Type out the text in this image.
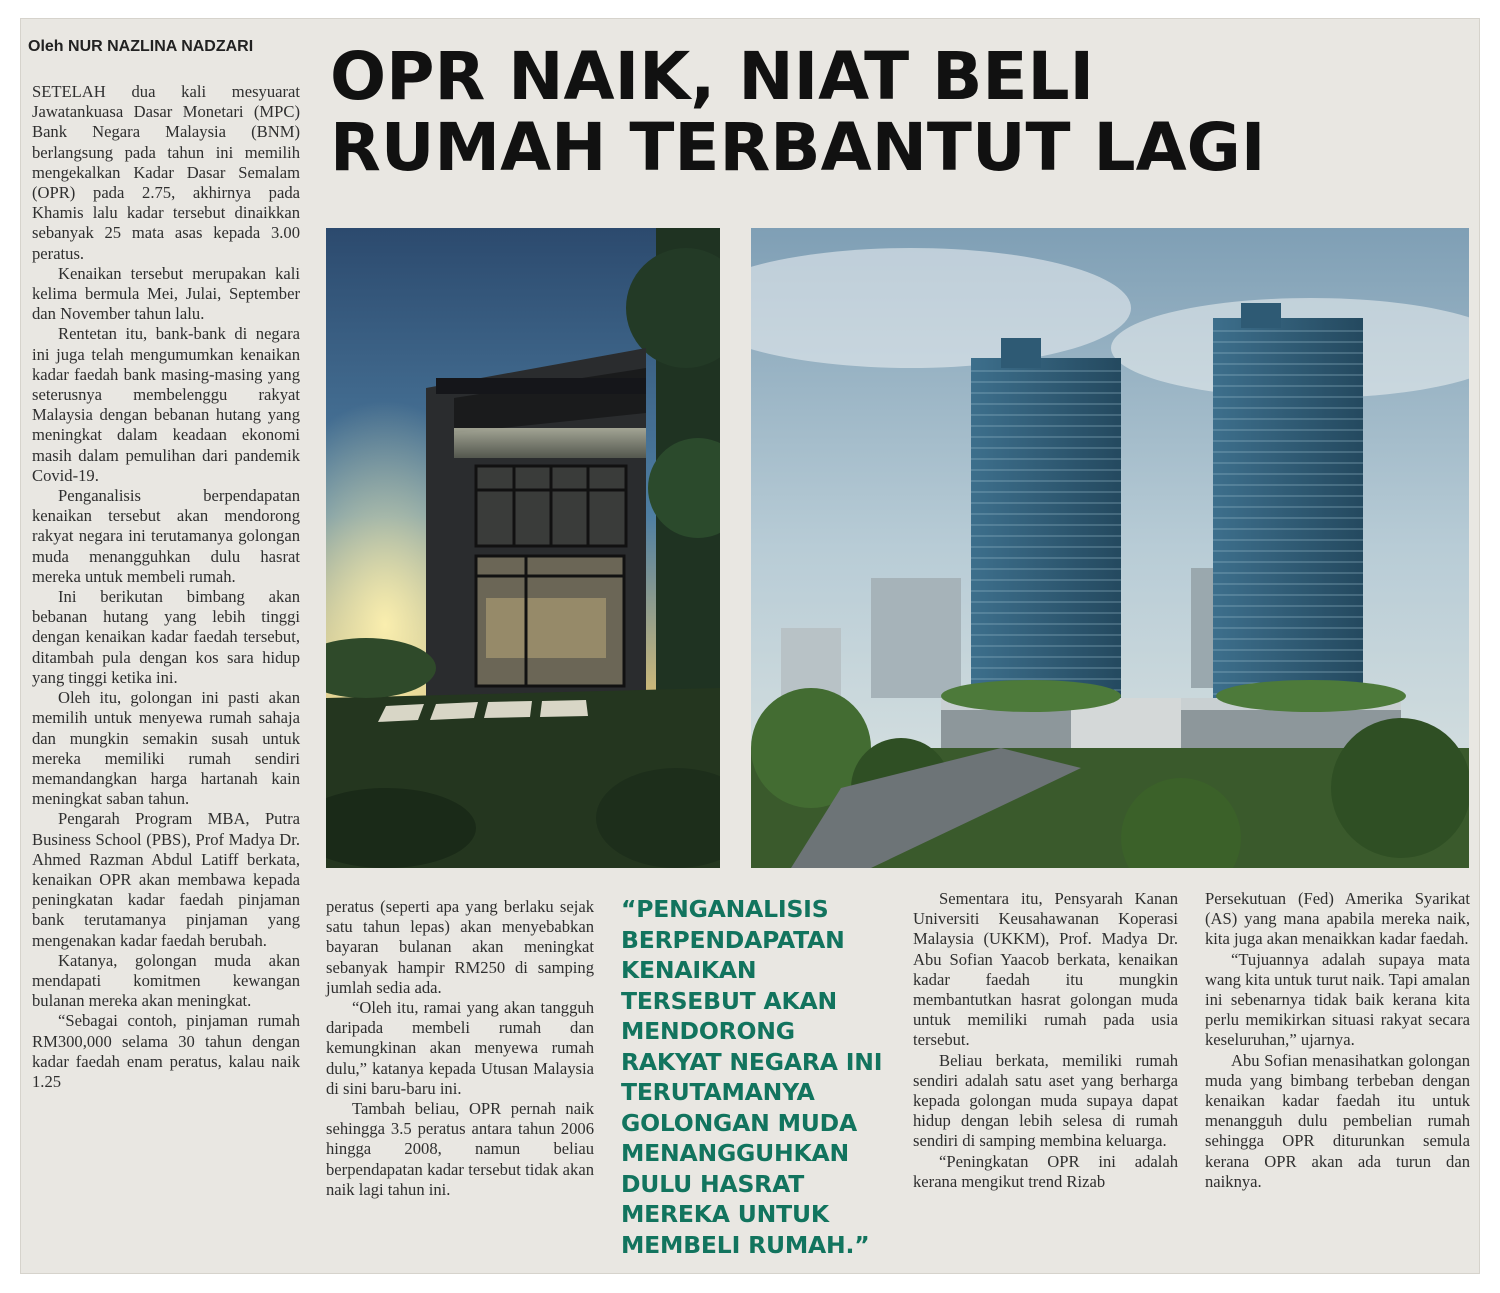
Oleh NUR NAZLINA NADZARI OPR NAIK, NIAT BELI
RUMAH TERBANTUT LAGI

SETELAH dua kali mesyuarat Jawatankuasa Dasar Monetari (MPC) Bank Negara Malaysia (BNM) berlangsung pada tahun ini memilih mengekalkan Kadar Dasar Semalam (OPR) pada 2.75, akhirnya pada Khamis lalu kadar tersebut dinaikkan sebanyak 25 mata asas kepada 3.00 peratus.

Kenaikan tersebut merupakan kali kelima bermula Mei, Julai, September dan November tahun lalu.

Rentetan itu, bank-bank di negara ini juga telah mengumumkan kenaikan kadar faedah bank masing-masing yang seterusnya membelenggu rakyat Malaysia dengan bebanan hutang yang meningkat dalam keadaan ekonomi masih dalam pemulihan dari pandemik Covid-19.

Penganalisis berpendapatan kenaikan tersebut akan mendorong rakyat negara ini terutamanya golongan muda menangguhkan dulu hasrat mereka untuk membeli rumah.

Ini berikutan bimbang akan bebanan hutang yang lebih tinggi dengan kenaikan kadar faedah tersebut, ditambah pula dengan kos sara hidup yang tinggi ketika ini.

Oleh itu, golongan ini pasti akan memilih untuk menyewa rumah sahaja dan mungkin semakin susah untuk mereka memiliki rumah sendiri memandangkan harga hartanah kain meningkat saban tahun.

Pengarah Program MBA, Putra Business School (PBS), Prof Madya Dr. Ahmed Razman Abdul Latiff berkata, kenaikan OPR akan membawa kepada peningkatan kadar faedah pinjaman bank terutamanya pinjaman yang mengenakan kadar faedah berubah.

Katanya, golongan muda akan mendapati komitmen kewangan bulanan mereka akan meningkat.

“Sebagai contoh, pinjaman rumah RM300,000 selama 30 tahun dengan kadar faedah enam peratus, kalau naik 1.25

peratus (seperti apa yang berlaku sejak satu tahun lepas) akan menyebabkan bayaran bulanan akan meningkat sebanyak hampir RM250 di samping jumlah sedia ada.

“Oleh itu, ramai yang akan tangguh daripada membeli rumah dan kemungkinan akan menyewa rumah dulu,” katanya kepada Utusan Malaysia di sini baru-baru ini.

Tambah beliau, OPR pernah naik sehingga 3.5 peratus antara tahun 2006 hingga 2008, namun beliau berpendapatan kadar tersebut tidak akan naik lagi tahun ini.

“PENGANALISIS BERPENDAPATAN KENAIKAN TERSEBUT AKAN MENDORONG RAKYAT NEGARA INI TERUTAMANYA GOLONGAN MUDA MENANGGUHKAN DULU HASRAT MEREKA UNTUK MEMBELI RUMAH.”

Sementara itu, Pensyarah Kanan Universiti Keusahawanan Koperasi Malaysia (UKKM), Prof. Madya Dr. Abu Sofian Yaacob berkata, kenaikan kadar faedah itu mungkin membantutkan hasrat golongan muda untuk memiliki rumah pada usia tersebut.

Beliau berkata, memiliki rumah sendiri adalah satu aset yang berharga kepada golongan muda supaya dapat hidup dengan lebih selesa di rumah sendiri di samping membina keluarga.

“Peningkatan OPR ini adalah kerana mengikut trend Rizab

Persekutuan (Fed) Amerika Syarikat (AS) yang mana apabila mereka naik, kita juga akan menaikkan kadar faedah.

“Tujuannya adalah supaya mata wang kita untuk turut naik. Tapi amalan ini sebenarnya tidak baik kerana kita perlu memikirkan situasi rakyat secara keseluruhan,” ujarnya.

Abu Sofian menasihatkan golongan muda yang bimbang terbeban dengan kenaikan kadar faedah itu untuk menangguh dulu pembelian rumah sehingga OPR diturunkan semula kerana OPR akan ada turun dan naiknya.
